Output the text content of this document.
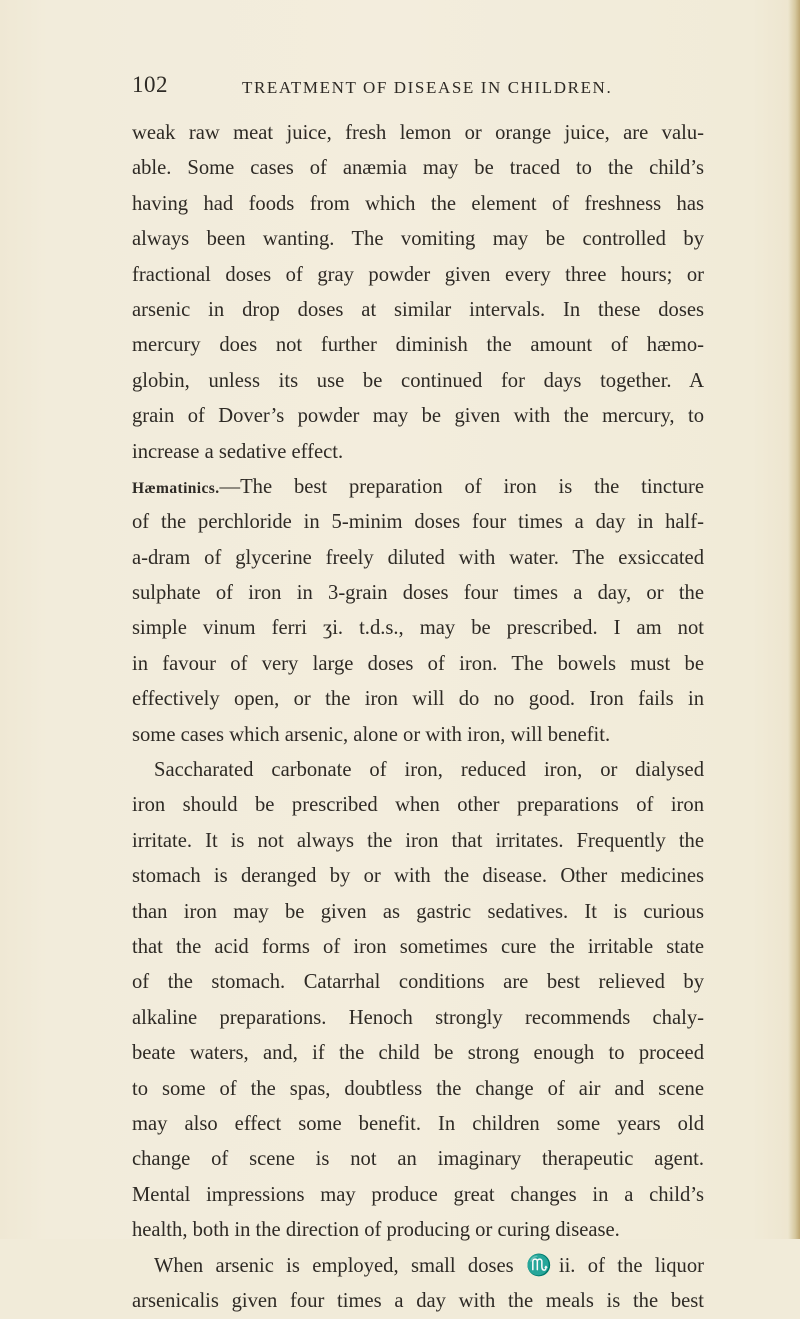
102	TREATMENT OF DISEASE IN CHILDREN.
weak raw meat juice, fresh lemon or orange juice, are valu-
able. Some cases of anæmia may be traced to the child’s
having had foods from which the element of freshness has
always been wanting. The vomiting may be controlled by
fractional doses of gray powder given every three hours; or
arsenic in drop doses at similar intervals. In these doses
mercury does not further diminish the amount of hæmo-
globin, unless its use be continued for days together. A
grain of Dover’s powder may be given with the mercury, to
increase a sedative effect.
Hæmatinics.—The best preparation of iron is the tincture
of the perchloride in 5-minim doses four times a day in half-
a-dram of glycerine freely diluted with water. The exsiccated
sulphate of iron in 3-grain doses four times a day, or the
simple vinum ferri ʒi. t.d.s., may be prescribed. I am not
in favour of very large doses of iron. The bowels must be
effectively open, or the iron will do no good. Iron fails in
some cases which arsenic, alone or with iron, will benefit.
Saccharated carbonate of iron, reduced iron, or dialysed
iron should be prescribed when other preparations of iron
irritate. It is not always the iron that irritates. Frequently the
stomach is deranged by or with the disease. Other medicines
than iron may be given as gastric sedatives. It is curious
that the acid forms of iron sometimes cure the irritable state
of the stomach. Catarrhal conditions are best relieved by
alkaline preparations. Henoch strongly recommends chaly-
beate waters, and, if the child be strong enough to proceed
to some of the spas, doubtless the change of air and scene
may also effect some benefit. In children some years old
change of scene is not an imaginary therapeutic agent.
Mental impressions may produce great changes in a child’s
health, both in the direction of producing or curing disease.
When arsenic is employed, small doses ♏ii. of the liquor
arsenicalis given four times a day with the meals is the best
